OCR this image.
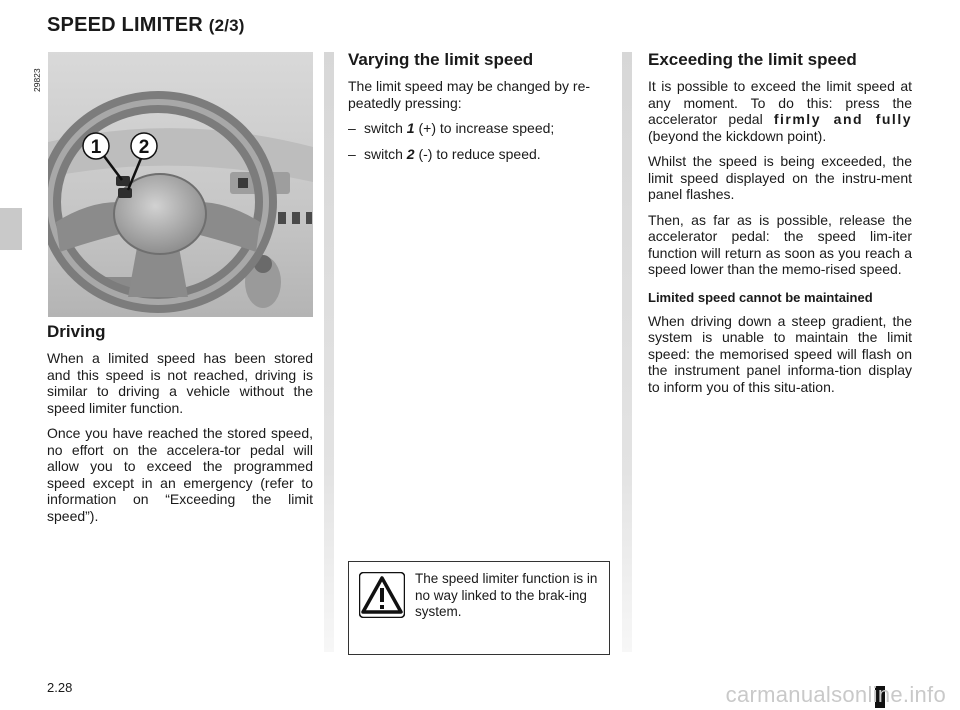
SPEED LIMITER (2/3)
29823
1 2
Driving

When a limited speed has been stored and this speed is not reached, driving is similar to driving a vehicle without the speed limiter function.

Once you have reached the stored speed, no effort on the accelera-tor pedal will allow you to exceed the programmed speed except in an emergency (refer to information on “Exceeding the limit speed”).

Varying the limit speed

The limit speed may be changed by re-peatedly pressing:

– switch 1 (+) to increase speed;
– switch 2 (-) to reduce speed.

The speed limiter function is in no way linked to the brak-ing system.

Exceeding the limit speed

It is possible to exceed the limit speed at any moment. To do this: press the accelerator pedal firmly and fully (beyond the kickdown point).

Whilst the speed is being exceeded, the limit speed displayed on the instru-ment panel flashes.

Then, as far as is possible, release the accelerator pedal: the speed lim-iter function will return as soon as you reach a speed lower than the memo-rised speed.

Limited speed cannot be maintained

When driving down a steep gradient, the system is unable to maintain the limit speed: the memorised speed will flash on the instrument panel informa-tion display to inform you of this situ-ation.

2.28	carmanualsonline.info
